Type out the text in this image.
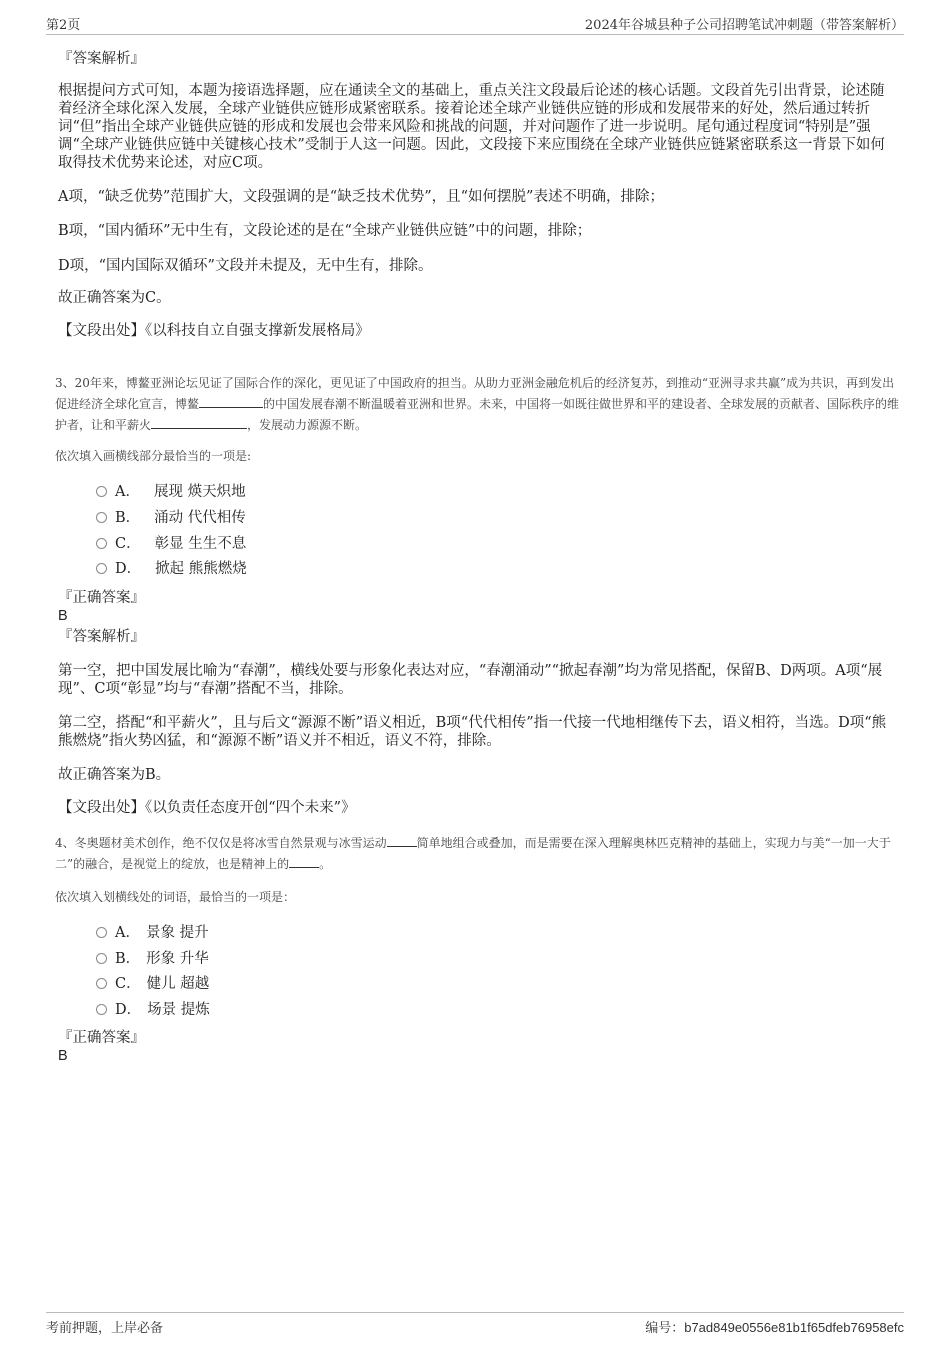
第2页	2024年谷城县种子公司招聘笔试冲刺题（带答案解析）
『答案解析』

根据提问方式可知，本题为接语选择题，应在通读全文的基础上，重点关注文段最后论述的核心话题。文段首先引出背景，论述随着经济全球化深入发展，全球产业链供应链形成紧密联系。接着论述全球产业链供应链的形成和发展带来的好处，然后通过转折词“但”指出全球产业链供应链的形成和发展也会带来风险和挑战的问题，并对问题作了进一步说明。尾句通过程度词“特别是”强调“全球产业链供应链中关键核心技术”受制于人这一问题。因此，文段接下来应围绕在全球产业链供应链紧密联系这一背景下如何取得技术优势来论述，对应C项。

A项，“缺乏优势”范围扩大，文段强调的是“缺乏技术优势”，且“如何摆脱”表述不明确，排除；

B项，“国内循环”无中生有，文段论述的是在“全球产业链供应链”中的问题，排除；

D项，“国内国际双循环”文段并未提及，无中生有，排除。

故正确答案为C。

【文段出处】《以科技自立自强支撑新发展格局》

3、20年来，博鳌亚洲论坛见证了国际合作的深化，更见证了中国政府的担当。从助力亚洲金融危机后的经济复苏，到推动“亚洲寻求共赢”成为共识，再到发出促进经济全球化宣言，博鳌	的中国发展春潮不断温暖着亚洲和世界。未来，中国将一如既往做世界和平的建设者、全球发展的贡献者、国际秩序的维护者，让和平薪火	，发展动力源源不断。

依次填入画横线部分最恰当的一项是:

A． 展现 煐天炽地
B． 涌动 代代相传
C． 彰显 生生不息
D． 掀起 熊熊燃烧
『正确答案』
B
『答案解析』

第一空，把中国发展比喻为“春潮”，横线处要与形象化表达对应，“春潮涌动”“掀起春潮”均为常见搭配，保留B、D两项。A项“展现”、C项“彰显”均与“春潮”搭配不当，排除。

第二空，搭配“和平薪火”，且与后文“源源不断”语义相近，B项“代代相传”指一代接一代地相继传下去，语义相符，当选。D项“熊熊燃烧”指火势凶猛，和“源源不断”语义并不相近，语义不符，排除。

故正确答案为B。

【文段出处】《以负责任态度开创“四个未来”》

4、冬奥题材美术创作，绝不仅仅是将冰雪自然景观与冰雪运动	简单地组合或叠加，而是需要在深入理解奥林匹克精神的基础上，实现力与美“一加一大于二”的融合，是视觉上的绽放，也是精神上的	。

依次填入划横线处的词语，最恰当的一项是：

A． 景象 提升
B． 形象 升华
C． 健儿 超越
D． 场景 提炼
『正确答案』
B
考前押题，上岸必备	编号：b7ad849e0556e81b1f65dfeb76958efc
